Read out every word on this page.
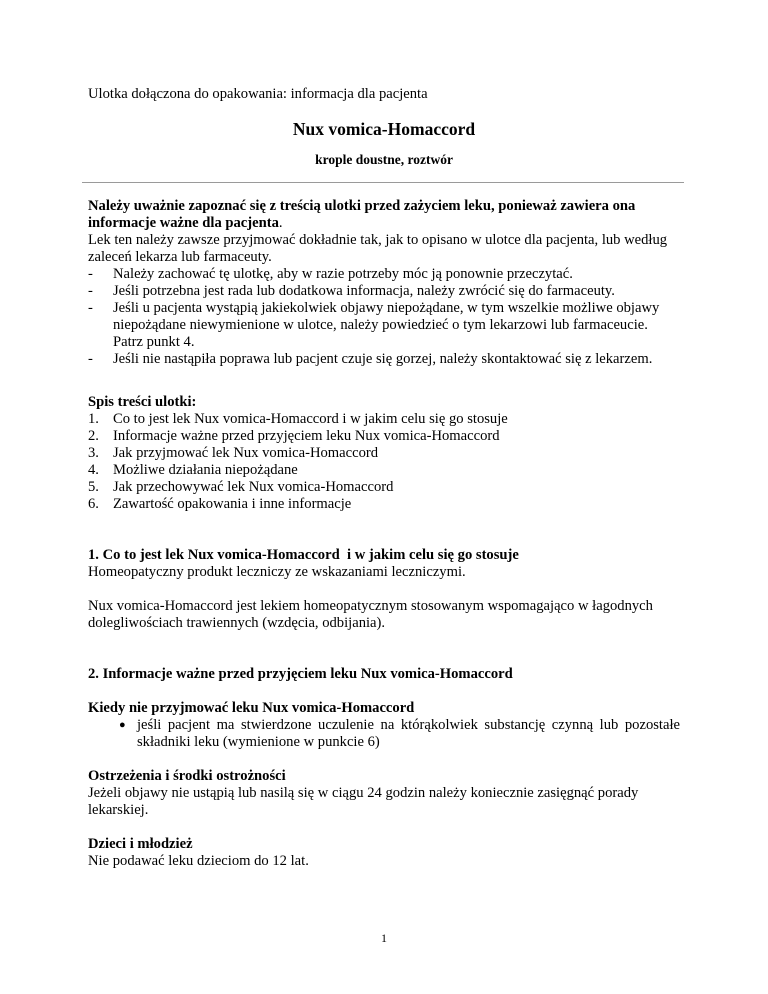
Ulotka dołączona do opakowania: informacja dla pacjenta

Nux vomica-Homaccord

krople doustne, roztwór

Należy uważnie zapoznać się z treścią ulotki przed zażyciem leku, ponieważ zawiera ona informacje ważne dla pacjenta.

Lek ten należy zawsze przyjmować dokładnie tak, jak to opisano w ulotce dla pacjenta, lub według zaleceń lekarza lub farmaceuty.

- Należy zachować tę ulotkę, aby w razie potrzeby móc ją ponownie przeczytać.
- Jeśli potrzebna jest rada lub dodatkowa informacja, należy zwrócić się do farmaceuty.
- Jeśli u pacjenta wystąpią jakiekolwiek objawy niepożądane, w tym wszelkie możliwe objawy niepożądane niewymienione w ulotce, należy powiedzieć o tym lekarzowi lub farmaceucie. Patrz punkt 4.
- Jeśli nie nastąpiła poprawa lub pacjent czuje się gorzej, należy skontaktować się z lekarzem.

Spis treści ulotki:

1. Co to jest lek Nux vomica-Homaccord i w jakim celu się go stosuje
2. Informacje ważne przed przyjęciem leku Nux vomica-Homaccord
3. Jak przyjmować lek Nux vomica-Homaccord
4. Możliwe działania niepożądane
5. Jak przechowywać lek Nux vomica-Homaccord
6. Zawartość opakowania i inne informacje

1. Co to jest lek Nux vomica-Homaccord  i w jakim celu się go stosuje

Homeopatyczny produkt leczniczy ze wskazaniami leczniczymi.

Nux vomica-Homaccord jest lekiem homeopatycznym stosowanym wspomagająco w łagodnych dolegliwościach trawiennych (wzdęcia, odbijania).

2. Informacje ważne przed przyjęciem leku Nux vomica-Homaccord

Kiedy nie przyjmować leku Nux vomica-Homaccord

● jeśli pacjent ma stwierdzone uczulenie na którąkolwiek substancję czynną lub pozostałe składniki leku (wymienione w punkcie 6)

Ostrzeżenia i środki ostrożności

Jeżeli objawy nie ustąpią lub nasilą się w ciągu 24 godzin należy koniecznie zasięgnąć porady lekarskiej.

Dzieci i młodzież

Nie podawać leku dzieciom do 12 lat.

1
